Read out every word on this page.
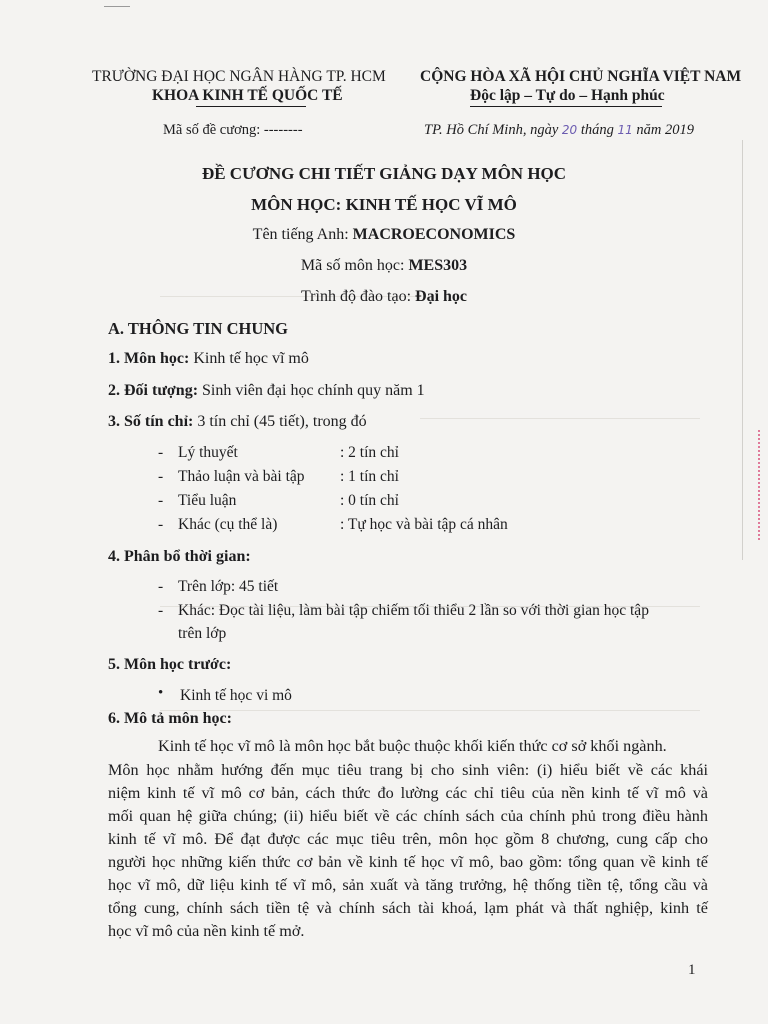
TRƯỜNG ĐẠI HỌC NGÂN HÀNG TP. HCM
KHOA KINH TẾ QUỐC TẾ
CỘNG HÒA XÃ HỘI CHỦ NGHĨA VIỆT NAM
Độc lập – Tự do – Hạnh phúc
Mã số đề cương: --------	TP. Hồ Chí Minh, ngày 20 tháng 11 năm 2019
ĐỀ CƯƠNG CHI TIẾT GIẢNG DẠY MÔN HỌC
MÔN HỌC: KINH TẾ HỌC VĨ MÔ
Tên tiếng Anh: MACROECONOMICS
Mã số môn học: MES303
Trình độ đào tạo: Đại học
A. THÔNG TIN CHUNG
1. Môn học: Kinh tế học vĩ mô
2. Đối tượng: Sinh viên đại học chính quy năm 1
3. Số tín chỉ: 3 tín chỉ (45 tiết), trong đó
- Lý thuyết	: 2 tín chỉ
- Thảo luận và bài tập : 1 tín chỉ
- Tiểu luận	: 0 tín chỉ
- Khác (cụ thể là)	: Tự học và bài tập cá nhân
4. Phân bổ thời gian:
- Trên lớp: 45 tiết
- Khác: Đọc tài liệu, làm bài tập chiếm tối thiểu 2 lần so với thời gian học tập
trên lớp
5. Môn học trước:
• Kinh tế học vi mô
6. Mô tả môn học:
Kinh tế học vĩ mô là môn học bắt buộc thuộc khối kiến thức cơ sở khối ngành.
Môn học nhằm hướng đến mục tiêu trang bị cho sinh viên: (i) hiểu biết về các khái
niệm kinh tế vĩ mô cơ bản, cách thức đo lường các chỉ tiêu của nền kinh tế vĩ mô và
mối quan hệ giữa chúng; (ii) hiểu biết về các chính sách của chính phủ trong điều hành
kinh tế vĩ mô. Để đạt được các mục tiêu trên, môn học gồm 8 chương, cung cấp cho
người học những kiến thức cơ bản về kinh tế học vĩ mô, bao gồm: tổng quan về kinh tế
học vĩ mô, dữ liệu kinh tế vĩ mô, sản xuất và tăng trưởng, hệ thống tiền tệ, tổng cầu và
tổng cung, chính sách tiền tệ và chính sách tài khoá, lạm phát và thất nghiệp, kinh tế
học vĩ mô của nền kinh tế mở.
1
